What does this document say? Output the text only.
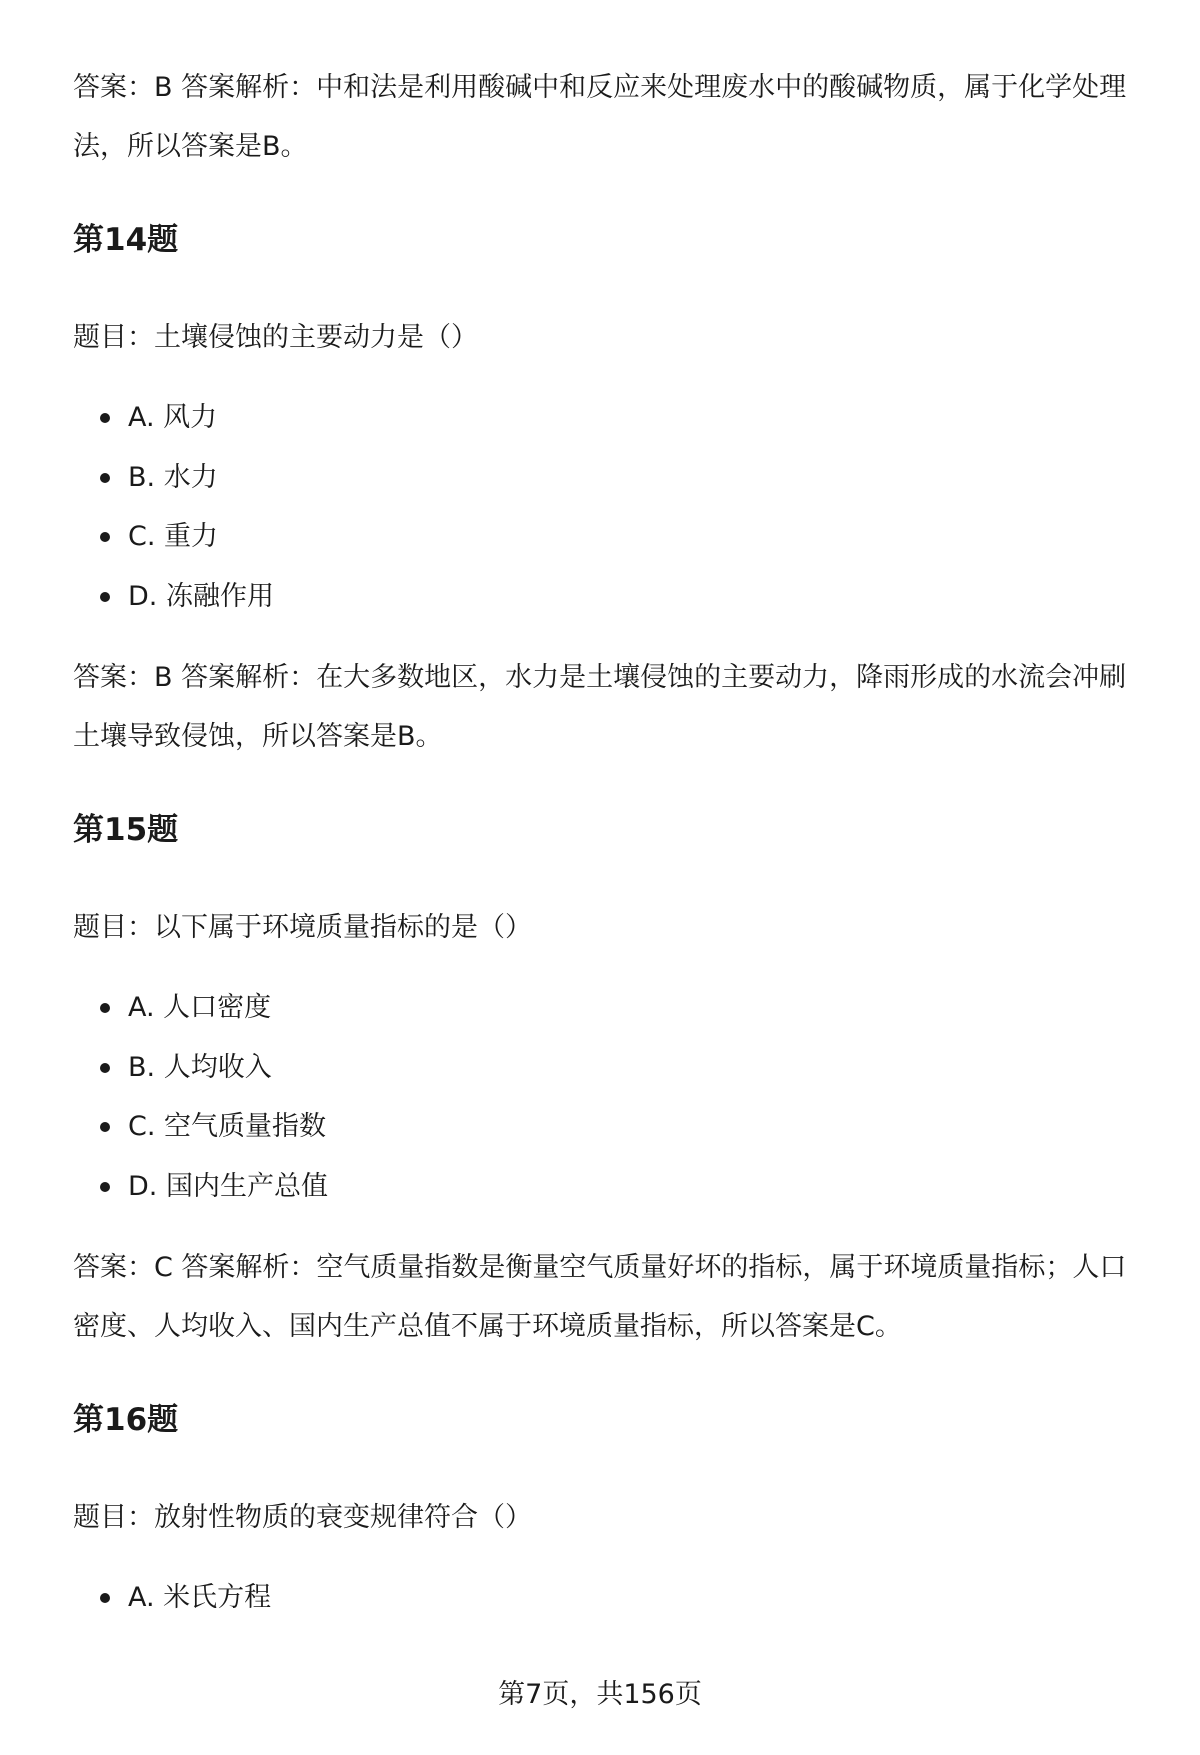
答案：B 答案解析：中和法是利用酸碱中和反应来处理废水中的酸碱物质，属于化学处理法，所以答案是B。

第14题

题目：土壤侵蚀的主要动力是（）

A. 风力
B. 水力
C. 重力
D. 冻融作用

答案：B 答案解析：在大多数地区，水力是土壤侵蚀的主要动力，降雨形成的水流会冲刷土壤导致侵蚀，所以答案是B。

第15题

题目：以下属于环境质量指标的是（）

A. 人口密度
B. 人均收入
C. 空气质量指数
D. 国内生产总值

答案：C 答案解析：空气质量指数是衡量空气质量好坏的指标，属于环境质量指标；人口密度、人均收入、国内生产总值不属于环境质量指标，所以答案是C。

第16题

题目：放射性物质的衰变规律符合（）

A. 米氏方程
第7页，共156页
